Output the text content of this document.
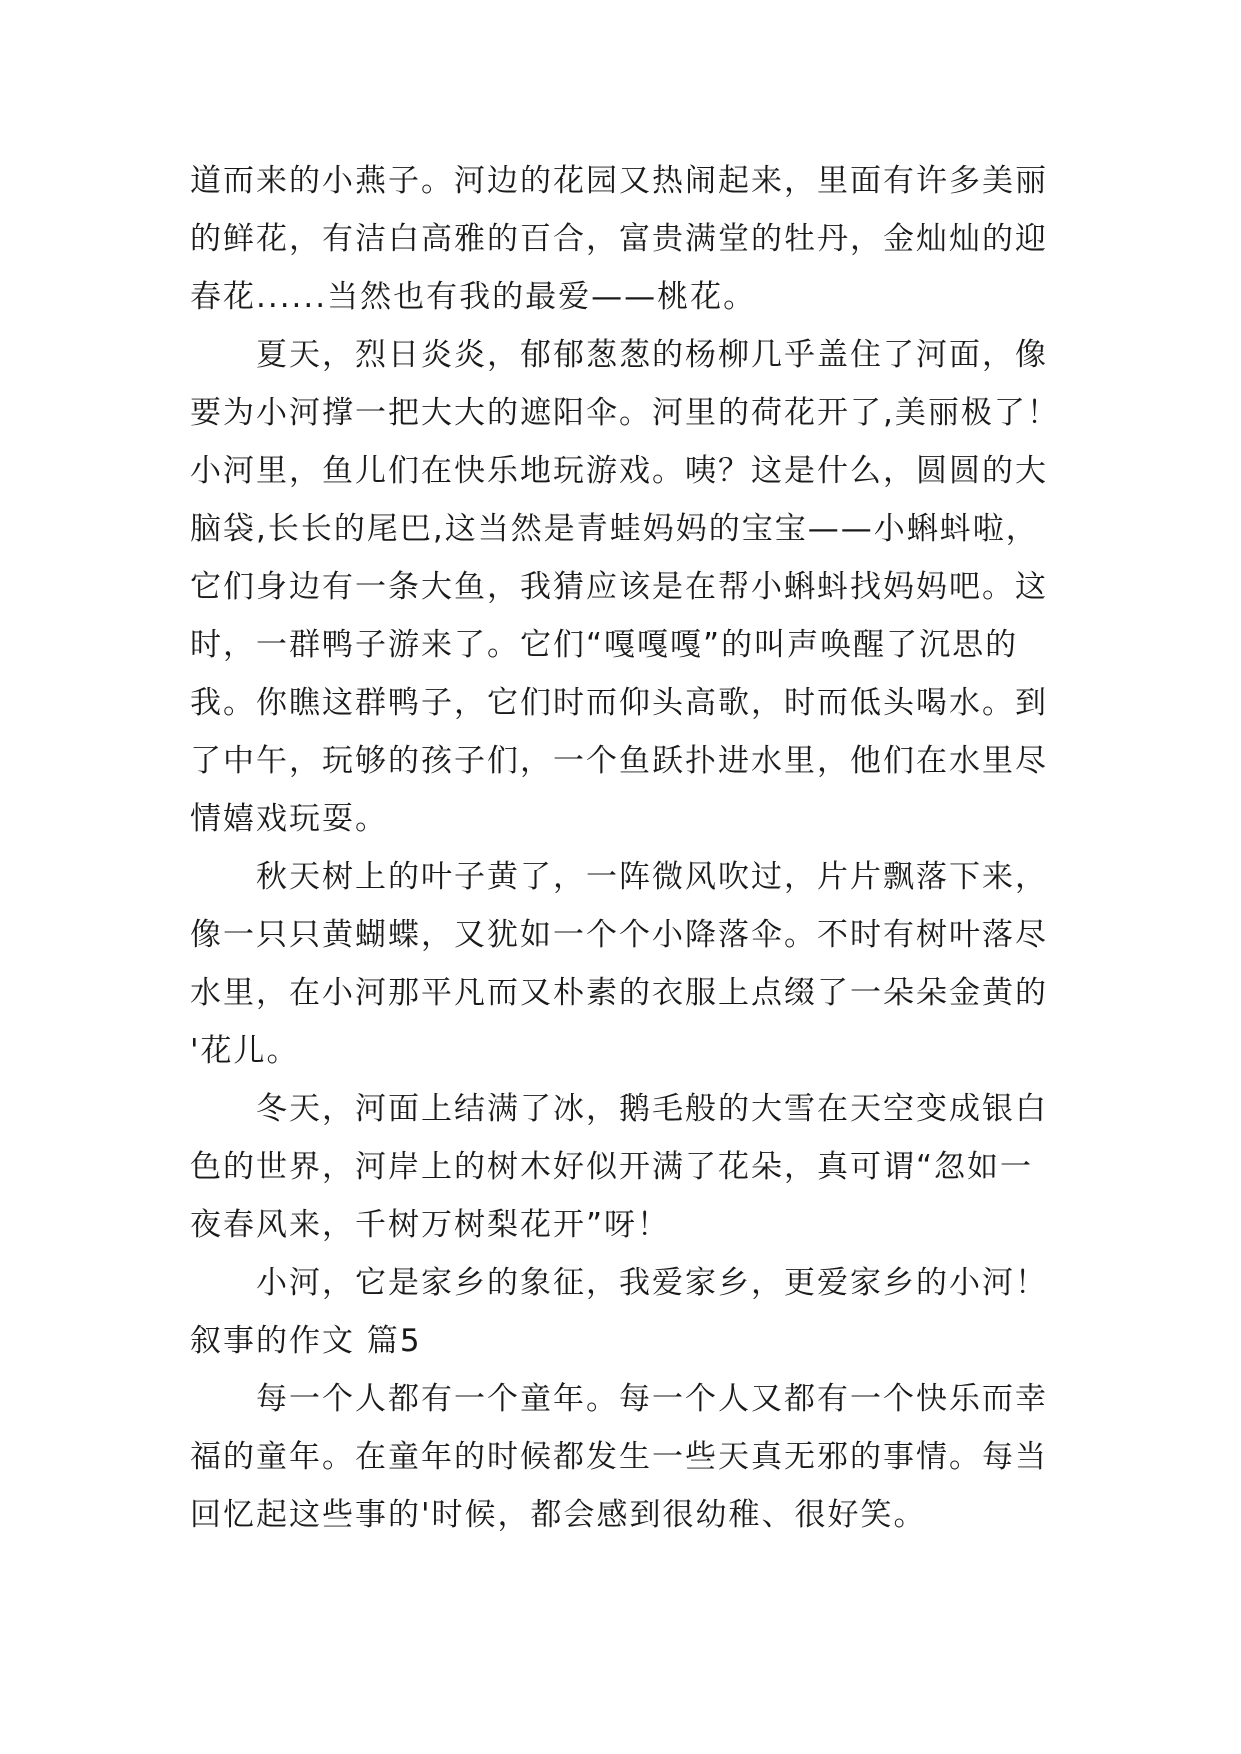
道而来的小燕子。河边的花园又热闹起来，里面有许多美丽
的鲜花，有洁白高雅的百合，富贵满堂的牡丹，金灿灿的迎
春花......当然也有我的最爱——桃花。
夏天，烈日炎炎，郁郁葱葱的杨柳几乎盖住了河面，像
要为小河撑一把大大的遮阳伞。河里的荷花开了,美丽极了！
小河里，鱼儿们在快乐地玩游戏。咦？这是什么，圆圆的大
脑袋,长长的尾巴,这当然是青蛙妈妈的宝宝——小蝌蚪啦，
它们身边有一条大鱼，我猜应该是在帮小蝌蚪找妈妈吧。这
时，一群鸭子游来了。它们“嘎嘎嘎”的叫声唤醒了沉思的
我。你瞧这群鸭子，它们时而仰头高歌，时而低头喝水。到
了中午，玩够的孩子们，一个鱼跃扑进水里，他们在水里尽
情嬉戏玩耍。
秋天树上的叶子黄了，一阵微风吹过，片片飘落下来，
像一只只黄蝴蝶，又犹如一个个小降落伞。不时有树叶落尽
水里，在小河那平凡而又朴素的衣服上点缀了一朵朵金黄的
'花儿。
冬天，河面上结满了冰，鹅毛般的大雪在天空变成银白
色的世界，河岸上的树木好似开满了花朵，真可谓“忽如一
夜春风来，千树万树梨花开”呀！
小河，它是家乡的象征，我爱家乡，更爱家乡的小河！
叙事的作文 篇5
每一个人都有一个童年。每一个人又都有一个快乐而幸
福的童年。在童年的时候都发生一些天真无邪的事情。每当
回忆起这些事的'时候，都会感到很幼稚、很好笑。
